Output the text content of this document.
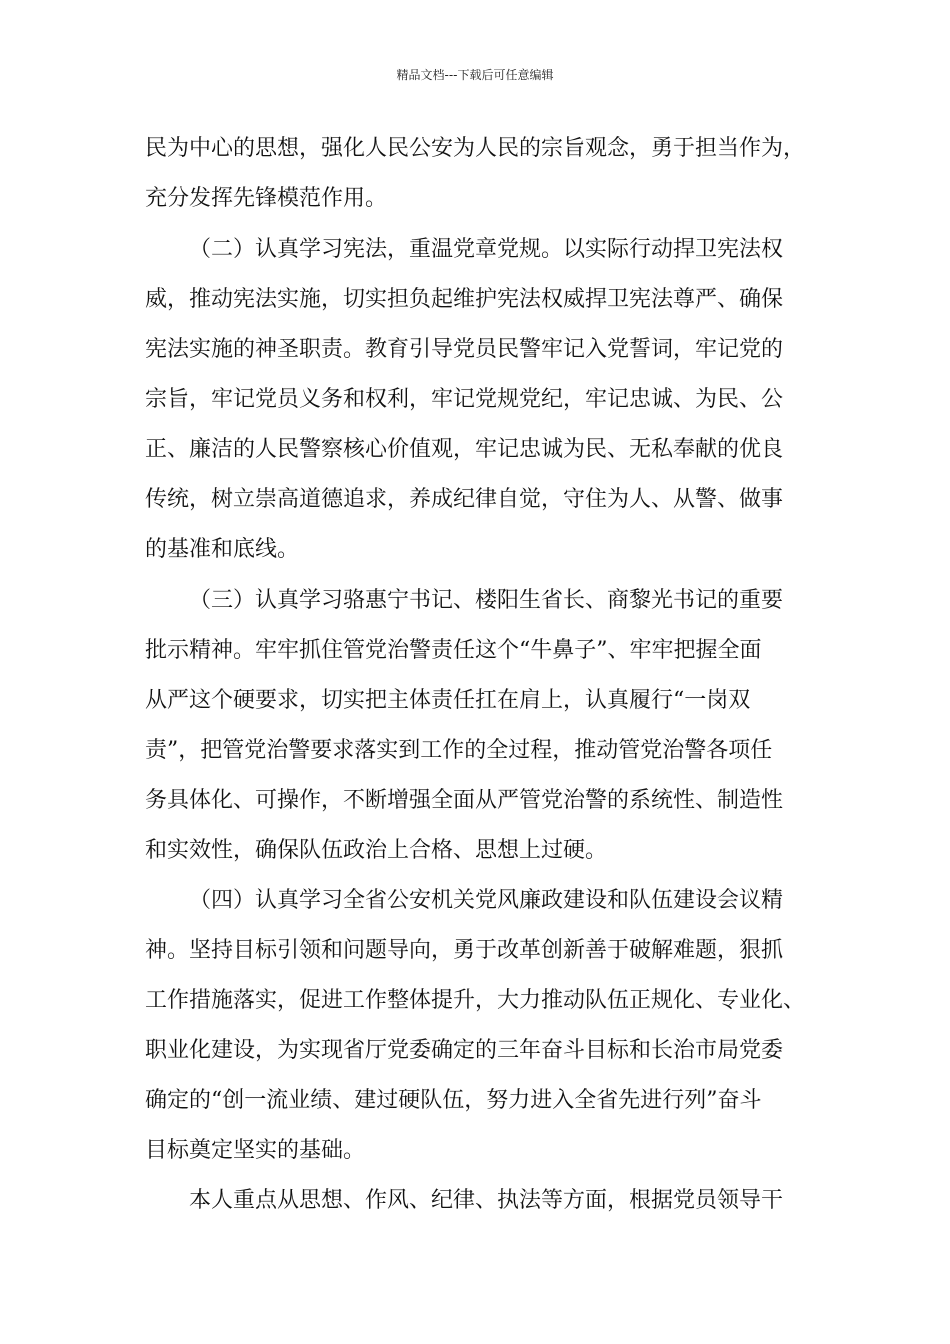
精品文档---下载后可任意编辑
民为中心的思想，强化人民公安为人民的宗旨观念，勇于担当作为，
充分发挥先锋模范作用。
（二）认真学习宪法，重温党章党规。以实际行动捍卫宪法权
威，推动宪法实施，切实担负起维护宪法权威捍卫宪法尊严、确保
宪法实施的神圣职责。教育引导党员民警牢记入党誓词，牢记党的
宗旨，牢记党员义务和权利，牢记党规党纪，牢记忠诚、为民、公
正、廉洁的人民警察核心价值观，牢记忠诚为民、无私奉献的优良
传统，树立崇高道德追求，养成纪律自觉，守住为人、从警、做事
的基准和底线。
（三）认真学习骆惠宁书记、楼阳生省长、商黎光书记的重要
批示精神。牢牢抓住管党治警责任这个“牛鼻子”、牢牢把握全面
从严这个硬要求，切实把主体责任扛在肩上，认真履行“一岗双
责”，把管党治警要求落实到工作的全过程，推动管党治警各项任
务具体化、可操作，不断增强全面从严管党治警的系统性、制造性
和实效性，确保队伍政治上合格、思想上过硬。
（四）认真学习全省公安机关党风廉政建设和队伍建设会议精
神。坚持目标引领和问题导向，勇于改革创新善于破解难题，狠抓
工作措施落实，促进工作整体提升，大力推动队伍正规化、专业化、
职业化建设，为实现省厅党委确定的三年奋斗目标和长治市局党委
确定的“创一流业绩、建过硬队伍，努力进入全省先进行列”奋斗
目标奠定坚实的基础。
本人重点从思想、作风、纪律、执法等方面，根据党员领导干
